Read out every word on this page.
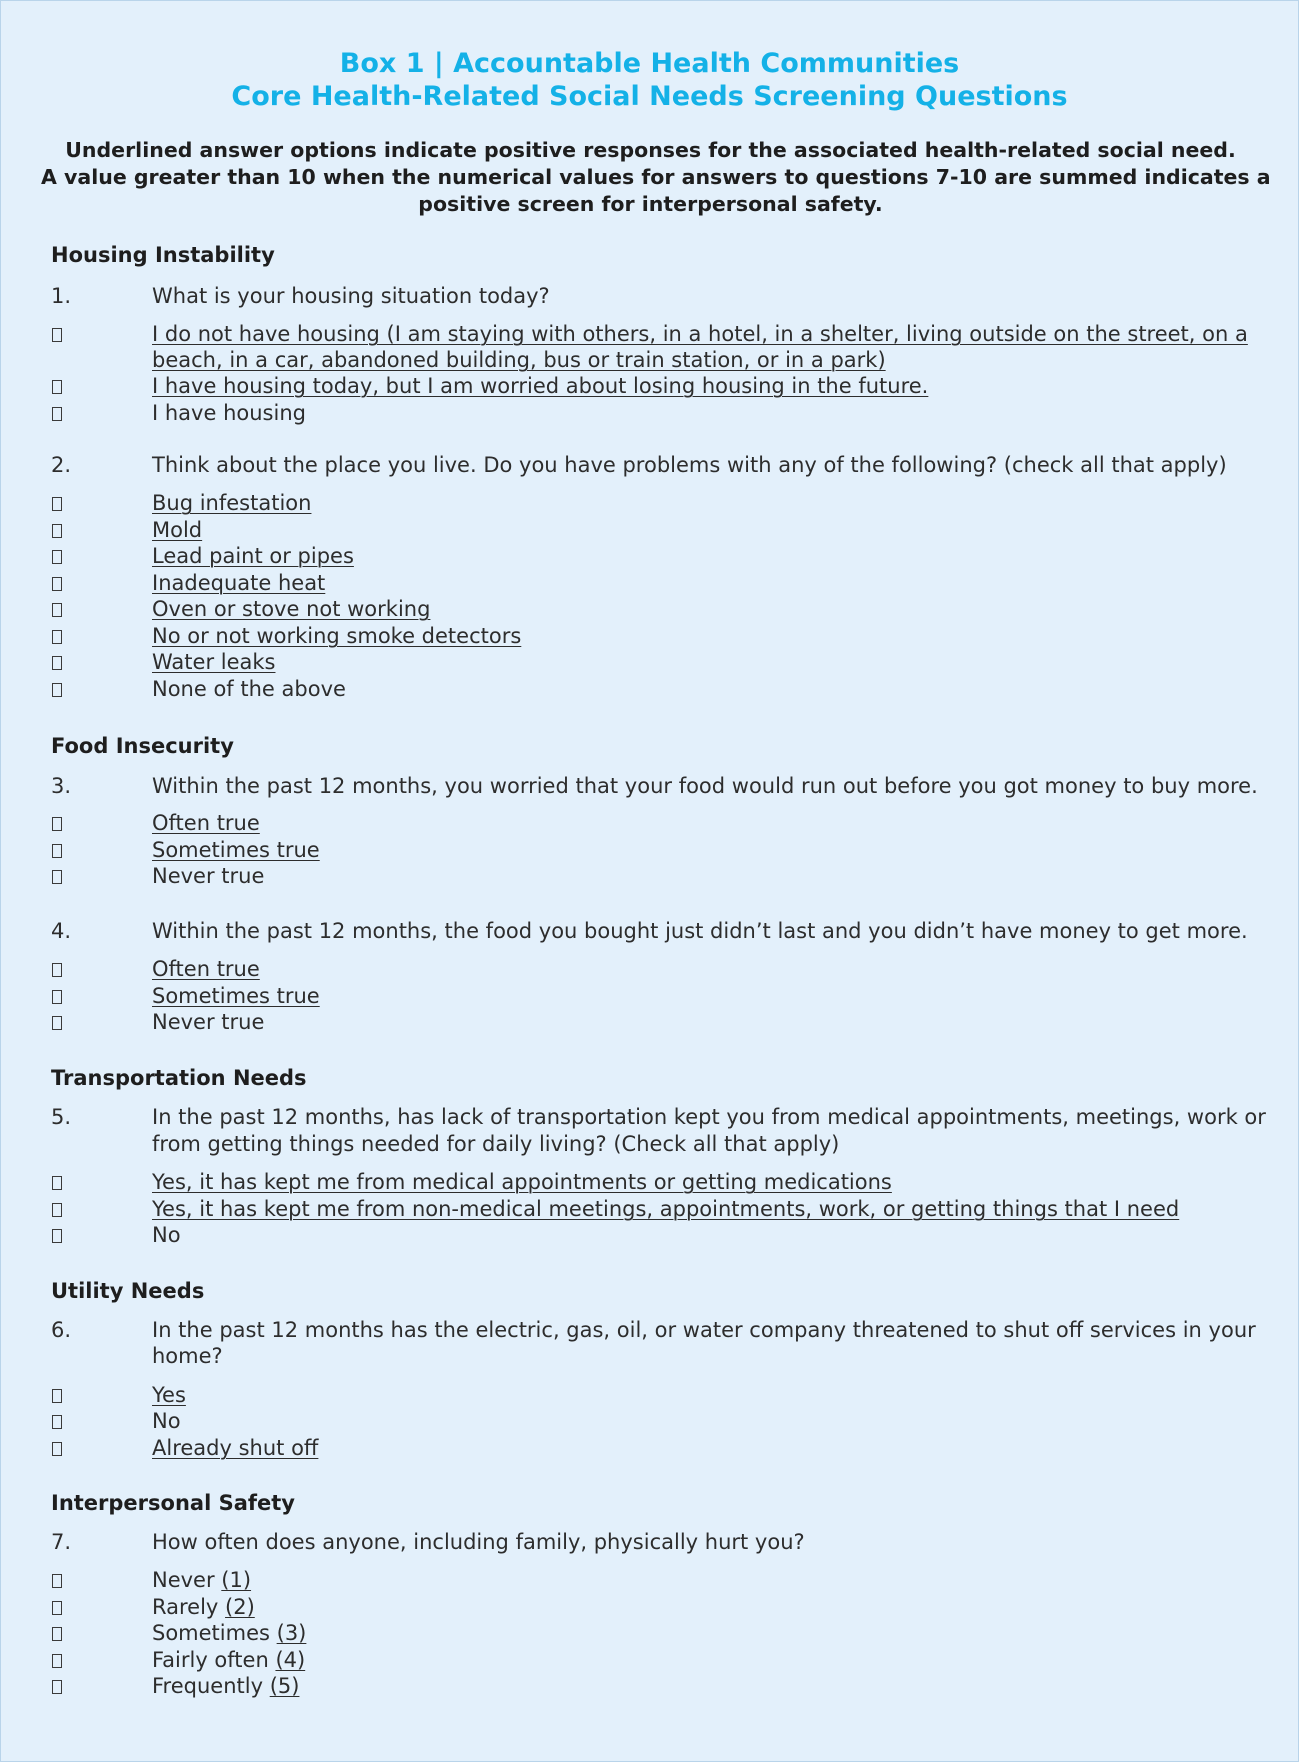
Box 1 | Accountable Health Communities
Core Health-Related Social Needs Screening Questions
Underlined answer options indicate positive responses for the associated health-related social need.
A value greater than 10 when the numerical values for answers to questions 7-10 are summed indicates a
positive screen for interpersonal safety.
Housing Instability
1.	What is your housing situation today?
I do not have housing (I am staying with others, in a hotel, in a shelter, living outside on the street, on a
beach, in a car, abandoned building, bus or train station, or in a park)
I have housing today, but I am worried about losing housing in the future.
I have housing
2.	Think about the place you live. Do you have problems with any of the following? (check all that apply)
Bug infestation
Mold
Lead paint or pipes
Inadequate heat
Oven or stove not working
No or not working smoke detectors
Water leaks
None of the above
Food Insecurity
3.	Within the past 12 months, you worried that your food would run out before you got money to buy more.
Often true
Sometimes true
Never true
4.	Within the past 12 months, the food you bought just didn’t last and you didn’t have money to get more.
Often true
Sometimes true
Never true
Transportation Needs
5.	In the past 12 months, has lack of transportation kept you from medical appointments, meetings, work or
from getting things needed for daily living? (Check all that apply)
Yes, it has kept me from medical appointments or getting medications
Yes, it has kept me from non-medical meetings, appointments, work, or getting things that I need
No
Utility Needs
6.	In the past 12 months has the electric, gas, oil, or water company threatened to shut off services in your
home?
Yes
No
Already shut off
Interpersonal Safety
7.	How often does anyone, including family, physically hurt you?
Never (1)
Rarely (2)
Sometimes (3)
Fairly often (4)
Frequently (5)
